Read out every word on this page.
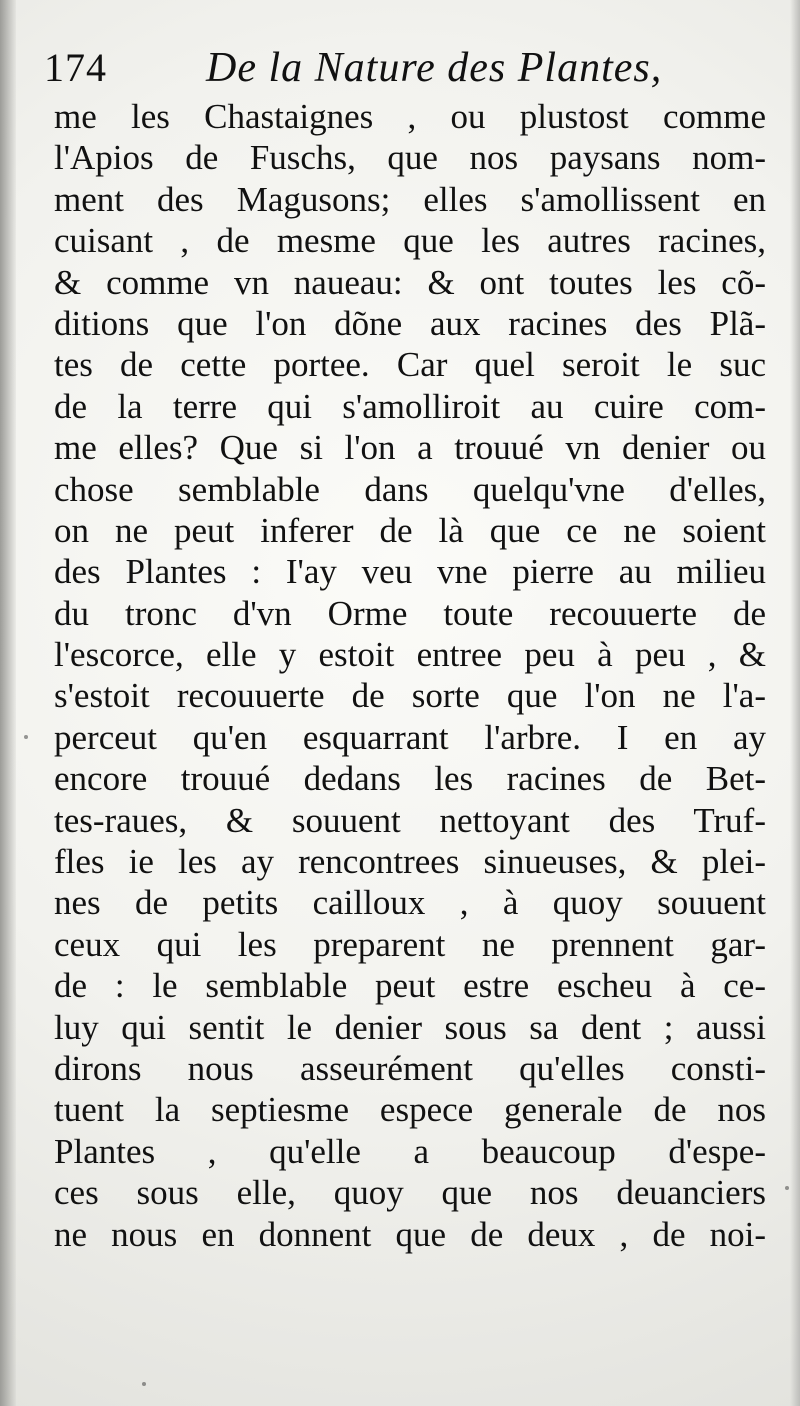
174 De la Nature des Plantes,
me les Chastaignes , ou plustost comme
l'Apios de Fuschs, que nos paysans nom-
ment des Magusons; elles s'amollissent en
cuisant , de mesme que les autres racines,
& comme vn naueau: & ont toutes les cõ-
ditions que l'on dõne aux racines des Plã-
tes de cette portee. Car quel seroit le suc
de la terre qui s'amolliroit au cuire com-
me elles? Que si l'on a trouué vn denier ou
chose semblable dans quelqu'vne d'elles,
on ne peut inferer de là que ce ne soient
des Plantes : I'ay veu vne pierre au milieu
du tronc d'vn Orme toute recouuerte de
l'escorce, elle y estoit entree peu à peu , &
s'estoit recouuerte de sorte que l'on ne l'a-
perceut qu'en esquarrant l'arbre. I en ay
encore trouué dedans les racines de Bet-
tes-raues, & souuent nettoyant des Truf-
fles ie les ay rencontrees sinueuses, & plei-
nes de petits cailloux , à quoy souuent
ceux qui les preparent ne prennent gar-
de : le semblable peut estre escheu à ce-
luy qui sentit le denier sous sa dent ; aussi
dirons nous asseurément qu'elles consti-
tuent la septiesme espece generale de nos
Plantes , qu'elle a beaucoup d'espe-
ces sous elle, quoy que nos deuanciers
ne nous en donnent que de deux , de noi-
